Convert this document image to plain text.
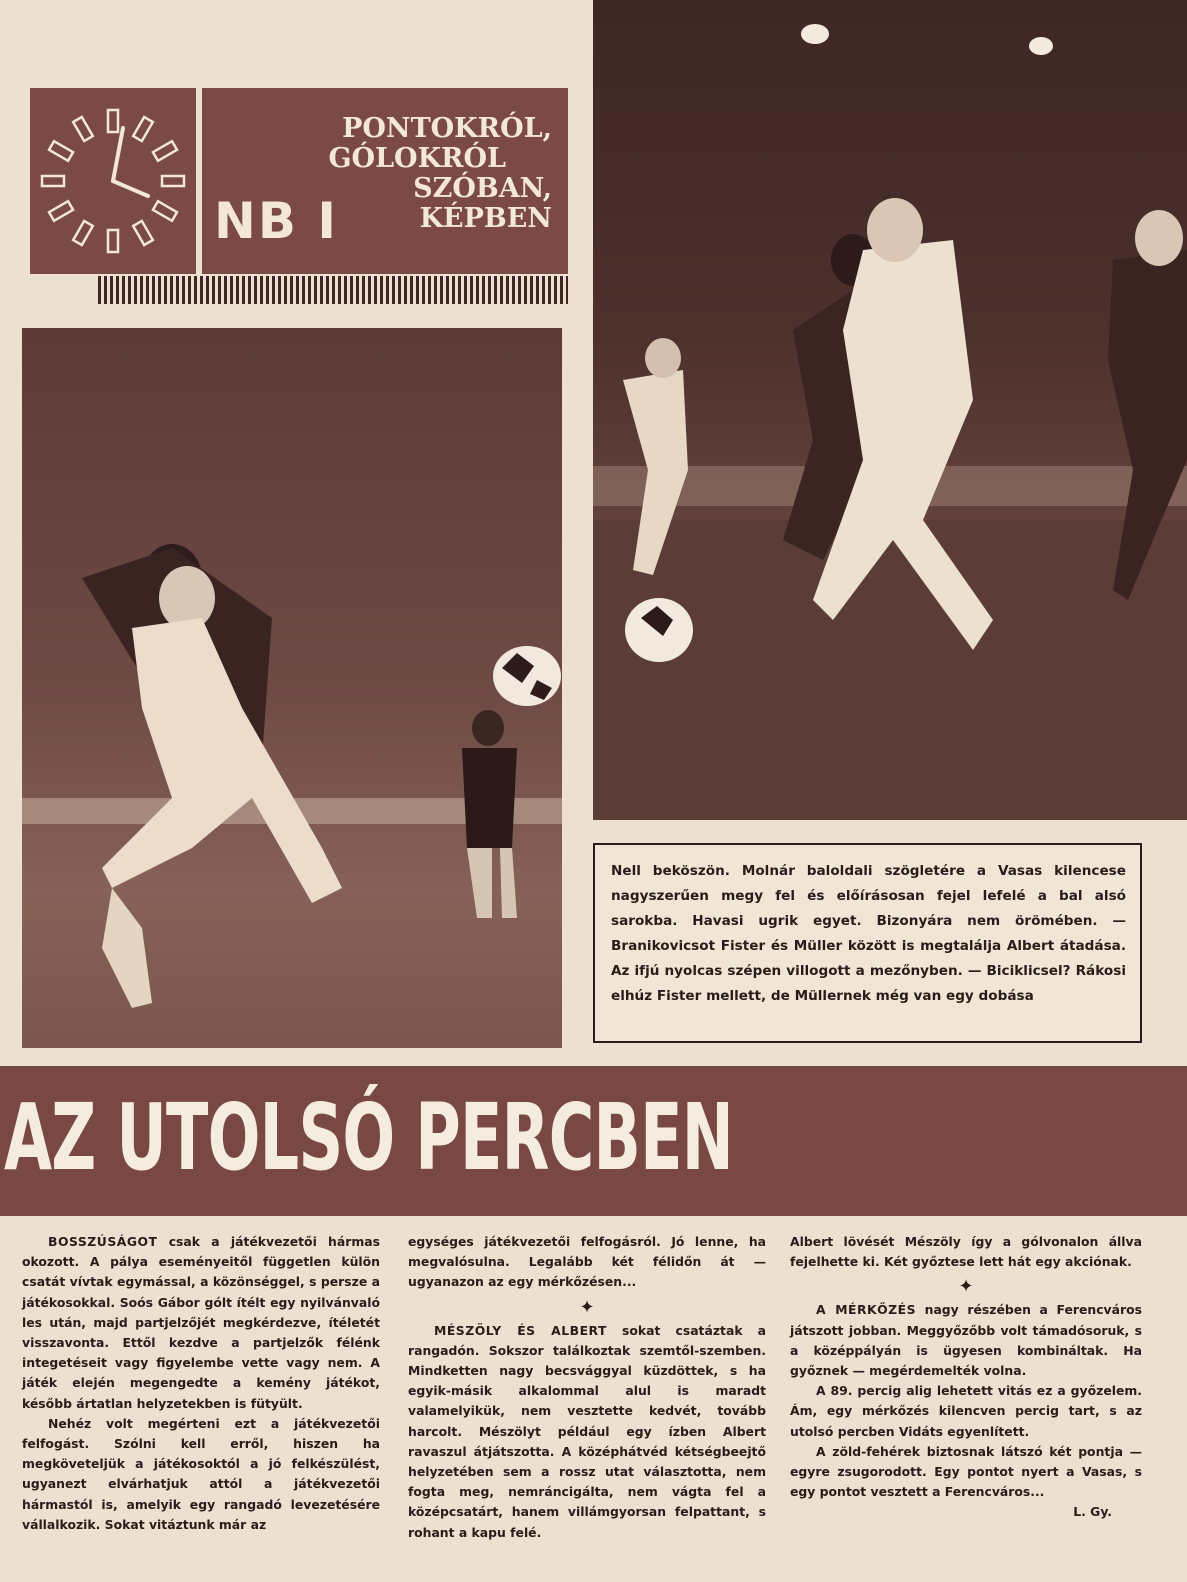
NB I
PONTOKRÓL,
GÓLOKRÓL
SZÓBAN,
KÉPBEN
Nell beköszön. Molnár baloldali szögletére a Vasas kilencese nagyszerűen megy fel és előírásosan fejel lefelé a bal alsó sarokba. Havasi ugrik egyet. Bizonyára nem örömében. — Branikovicsot Fister és Müller között is megtalálja Albert átadása. Az ifjú nyolcas szépen villogott a mezőnyben. — Biciklicsel? Rákosi elhúz Fister mellett, de Müllernek még van egy dobása
AZ UTOLSÓ PERCBEN

BOSSZÚSÁGOT csak a játékvezetői hármas okozott. A pálya eseményeitől független külön csatát vívtak egymással, a közönséggel, s persze a játékosokkal. Soós Gábor gólt ítélt egy nyilvánvaló les után, majd partjelzőjét megkérdezve, ítéletét visszavonta. Ettől kezdve a partjelzők félénk integetéseit vagy figyelembe vette vagy nem. A játék elején megengedte a kemény játékot, később ártatlan helyzetekben is fütyült.

Nehéz volt megérteni ezt a játékvezetői felfogást. Szólni kell erről, hiszen ha megköveteljük a játékosoktól a jó felkészülést, ugyanezt elvárhatjuk attól a játékvezetői hármastól is, amelyik egy rangadó levezetésére vállalkozik. Sokat vitáztunk már az

egységes játékvezetői felfogásról. Jó lenne, ha megvalósulna. Legalább két félidőn át — ugyanazon az egy mérkőzésen...

✦

MÉSZÖLY ÉS ALBERT sokat csatáztak a rangadón. Sokszor találkoztak szemtől-szemben. Mindketten nagy becsvággyal küzdöttek, s ha egyik-másik alkalommal alul is maradt valamelyikük, nem vesztette kedvét, tovább harcolt. Mészölyt például egy ízben Albert ravaszul átjátszotta. A középhátvéd kétségbeejtő helyzetében sem a rossz utat választotta, nem fogta meg, nemráncigálta, nem vágta fel a középcsatárt, hanem villámgyorsan felpattant, s rohant a kapu felé.

Albert lövését Mészöly így a gólvonalon állva fejelhette ki. Két győztese lett hát egy akciónak.

✦

A MÉRKŐZÉS nagy részében a Ferencváros játszott jobban. Meggyőzőbb volt támadósoruk, s a középpályán is ügyesen kombináltak. Ha győznek — megérdemelték volna.

A 89. percig alig lehetett vitás ez a győzelem. Ám, egy mérkőzés kilencven percig tart, s az utolsó percben Vidáts egyenlített.

A zöld-fehérek biztosnak látszó két pontja — egyre zsugorodott. Egy pontot nyert a Vasas, s egy pontot vesztett a Ferencváros...

L. Gy.
